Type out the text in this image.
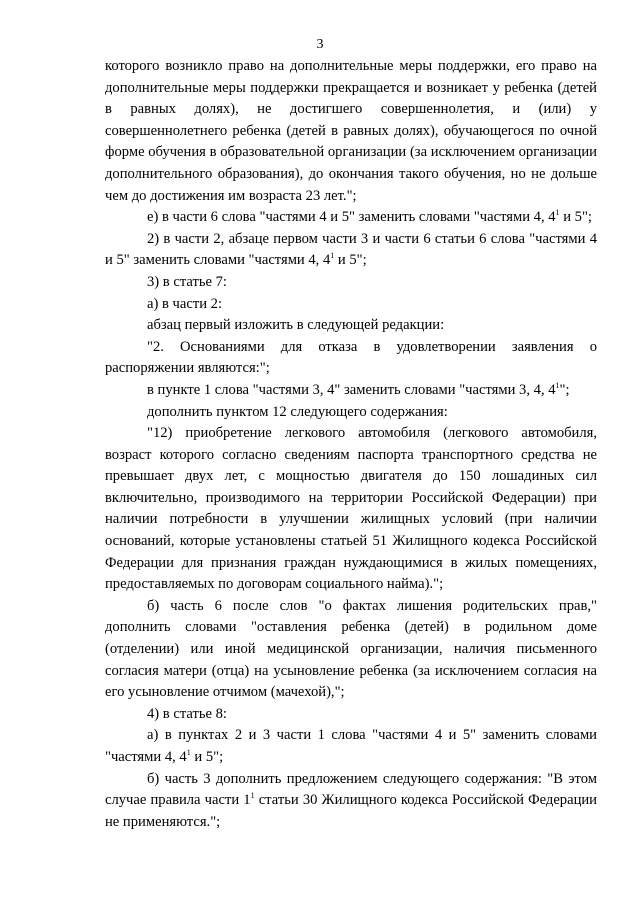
3

которого возникло право на дополнительные меры поддержки, его право на дополнительные меры поддержки прекращается и возникает у ребенка (детей в равных долях), не достигшего совершеннолетия, и (или) у совершеннолетнего ребенка (детей в равных долях), обучающегося по очной форме обучения в образовательной организации (за исключением организации дополнительного образования), до окончания такого обучения, но не дольше чем до достижения им возраста 23 лет.";

е) в части 6 слова "частями 4 и 5" заменить словами "частями 4, $4^1$ и 5";

2) в части 2, абзаце первом части 3 и части 6 статьи 6 слова "частями 4 и 5" заменить словами "частями 4, $4^1$ и 5";

3) в статье 7:

а) в части 2:

абзац первый изложить в следующей редакции:

"2. Основаниями для отказа в удовлетворении заявления о распоряжении являются:";

в пункте 1 слова "частями 3, 4" заменить словами "частями 3, 4, $4^1$";

дополнить пунктом 12 следующего содержания:

"12) приобретение легкового автомобиля (легкового автомобиля, возраст которого согласно сведениям паспорта транспортного средства не превышает двух лет, с мощностью двигателя до 150 лошадиных сил включительно, производимого на территории Российской Федерации) при наличии потребности в улучшении жилищных условий (при наличии оснований, которые установлены статьей 51 Жилищного кодекса Российской Федерации для признания граждан нуждающимися в жилых помещениях, предоставляемых по договорам социального найма).";

б) часть 6 после слов "о фактах лишения родительских прав," дополнить словами "оставления ребенка (детей) в родильном доме (отделении) или иной медицинской организации, наличия письменного согласия матери (отца) на усыновление ребенка (за исключением согласия на его усыновление отчимом (мачехой),";

4) в статье 8:

а) в пунктах 2 и 3 части 1 слова "частями 4 и 5" заменить словами "частями 4, $4^1$ и 5";

б) часть 3 дополнить предложением следующего содержания: "В этом случае правила части $1^1$ статьи 30 Жилищного кодекса Российской Федерации не применяются.";
